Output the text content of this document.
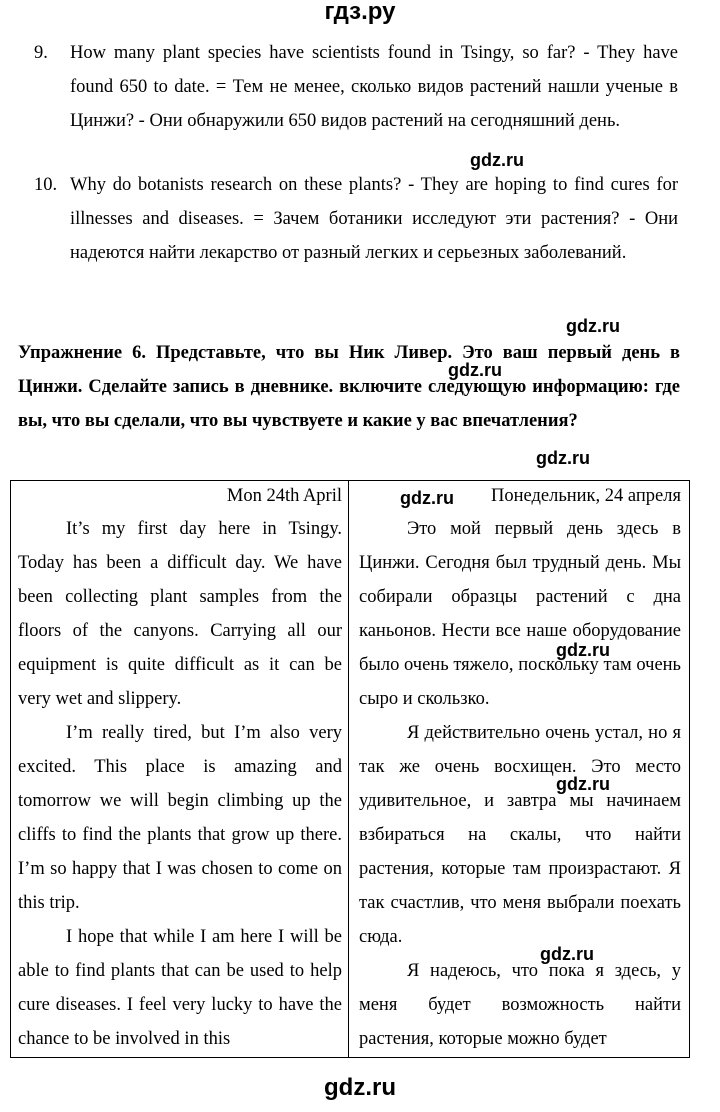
гдз.ру
9. How many plant species have scientists found in Tsingy, so far? - They have found 650 to date. = Тем не менее, сколько видов растений нашли ученые в Цинжи? - Они обнаружили 650 видов растений на сегодняшний день.
10. Why do botanists research on these plants? - They are hoping to find cures for illnesses and diseases. = Зачем ботаники исследуют эти растения? - Они надеются найти лекарство от разный легких и серьезных заболеваний.
Упражнение 6. Представьте, что вы Ник Ливер. Это ваш первый день в Цинжи. Сделайте запись в дневнике. включите следующую информацию: где вы, что вы сделали, что вы чувствуете и какие у вас впечатления?
Mon 24th April

It’s my first day here in Tsingy. Today has been a difficult day. We have been collecting plant samples from the floors of the canyons. Carrying all our equipment is quite difficult as it can be very wet and slippery.

I’m really tired, but I’m also very excited. This place is amazing and tomorrow we will begin climbing up the cliffs to find the plants that grow up there. I’m so happy that I was chosen to come on this trip.

I hope that while I am here I will be able to find plants that can be used to help cure diseases. I feel very lucky to have the chance to be involved in this

Понедельник, 24 апреля

Это мой первый день здесь в Цинжи. Сегодня был трудный день. Мы собирали образцы растений с дна каньонов. Нести все наше оборудование было очень тяжело, поскольку там очень сыро и скользко.

Я действительно очень устал, но я так же очень восхищен. Это место удивительное, и завтра мы начинаем взбираться на скалы, что найти растения, которые там произрастают. Я так счастлив, что меня выбрали поехать сюда.

Я надеюсь, что пока я здесь, у меня будет возможность найти растения, которые можно будет

gdz.ru
gdz.ru
gdz.ru
gdz.ru
gdz.ru
gdz.ru
gdz.ru
gdz.ru
gdz.ru
